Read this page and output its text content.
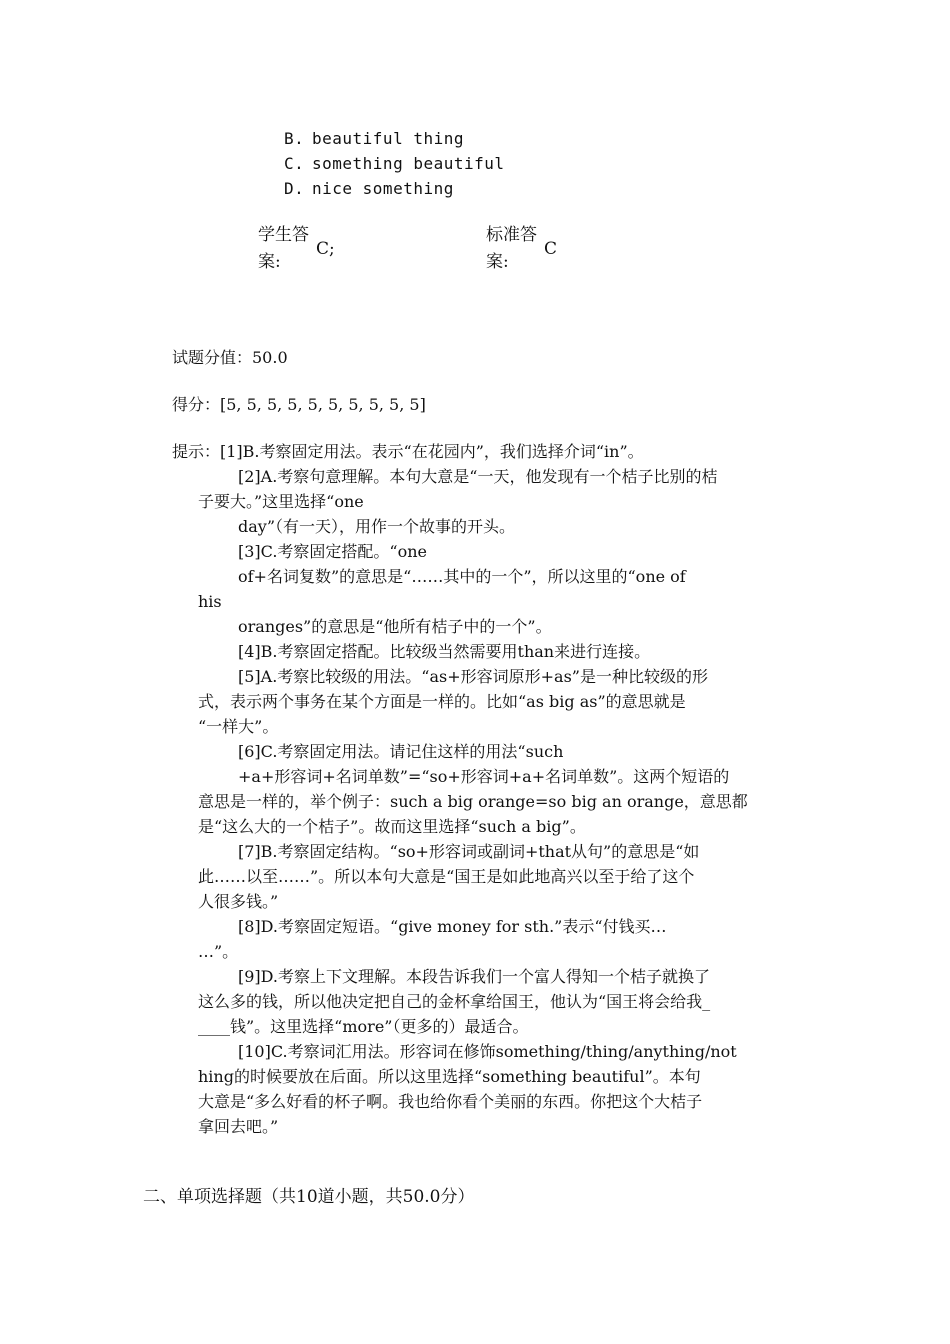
B. beautiful thing
C. something beautiful
D. nice something
学生答
案:
C;
标准答
案:
C
试题分值：50.0
得分：[5, 5, 5, 5, 5, 5, 5, 5, 5, 5]
提示：[1]B.考察固定用法。表示“在花园内”，我们选择介词“in”。
[2]A.考察句意理解。本句大意是“一天，他发现有一个桔子比别的桔
子要大。”这里选择“one
day”（有一天），用作一个故事的开头。
[3]C.考察固定搭配。“one
of+名词复数”的意思是“……其中的一个”，所以这里的“one of
his
oranges”的意思是“他所有桔子中的一个”。
[4]B.考察固定搭配。比较级当然需要用than来进行连接。
[5]A.考察比较级的用法。“as+形容词原形+as”是一种比较级的形
式，表示两个事务在某个方面是一样的。比如“as big as”的意思就是
“一样大”。
[6]C.考察固定用法。请记住这样的用法“such
+a+形容词+名词单数”=“so+形容词+a+名词单数”。这两个短语的
意思是一样的，举个例子：such a big orange=so big an orange，意思都
是“这么大的一个桔子”。故而这里选择“such a big”。
[7]B.考察固定结构。“so+形容词或副词+that从句”的意思是“如
此……以至……”。所以本句大意是“国王是如此地高兴以至于给了这个
人很多钱。”
[8]D.考察固定短语。“give money for sth.”表示“付钱买…
…”。
[9]D.考察上下文理解。本段告诉我们一个富人得知一个桔子就换了
这么多的钱，所以他决定把自己的金杯拿给国王，他认为“国王将会给我_
____钱”。这里选择“more”（更多的）最适合。
[10]C.考察词汇用法。形容词在修饰something/thing/anything/not
hing的时候要放在后面。所以这里选择“something beautiful”。本句
大意是“多么好看的杯子啊。我也给你看个美丽的东西。你把这个大桔子
拿回去吧。”
二、单项选择题（共10道小题，共50.0分）
